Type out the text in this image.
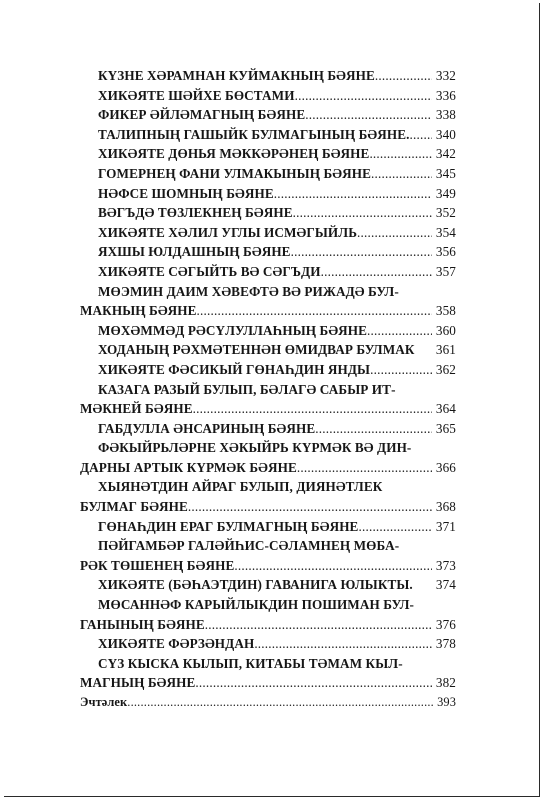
КҮЗНЕ ХӘРАМНАН КУЙМАКНЫҢ БӘЯНЕ .....	332
ХИКӘЯТЕ ШӘЙХЕ БӨСТАМИ .....	336
ФИКЕР ӘЙЛӘМАГНЫҢ БӘЯНЕ .....	338
ТАЛИПНЫҢ ГАШЫЙК БУЛМАГЫНЫҢ БӘЯНЕ. .....	340
ХИКӘЯТЕ ДӨНЬЯ МӘККӘРӘНЕҢ БӘЯНЕ .....	342
ГОМЕРНЕҢ ФАНИ УЛМАКЫНЫҢ БӘЯНЕ .....	345
НӘФСЕ ШОМНЫҢ БӘЯНЕ .....	349
ВӘГЪДӘ ТӨЗЛЕКНЕҢ БӘЯНЕ .....	352
ХИКӘЯТЕ ХӘЛИЛ УГЛЫ ИСМӘГЫЙЛЬ .....	354
ЯХШЫ ЮЛДАШНЫҢ БӘЯНЕ .....	356
ХИКӘЯТЕ СӘГЫЙТЬ ВӘ СӘГЪДИ .....	357
МӨЭМИН ДАИМ ХӘВЕФТӘ ВӘ РИЖАДӘ БУЛ-
МАКНЫҢ БӘЯНЕ .....	358
МӨХӘММӘД РӘСҮЛУЛЛАҺНЫҢ БӘЯНЕ .....	360
ХОДАНЫҢ РӘХМӘТЕННӘН ӨМИДВАР БУЛМАК	361
ХИКӘЯТЕ ФӘСИКЫЙ ГӨНАҺДИН ЯНДЫ .....	362
КАЗАГА РАЗЫЙ БУЛЫП, БӘЛАГӘ САБЫР ИТ-
МӘКНЕЙ БӘЯНЕ .....	364
ГАБДУЛЛА ӘНСАРИНЫҢ БӘЯНЕ .....	365
ФӘКЫЙРЬЛӘРНЕ ХӘКЫЙРЬ КҮРМӘК ВӘ ДИН-
ДАРНЫ АРТЫК КҮРМӘК БӘЯНЕ .....	366
ХЫЯНӘТДИН АЙРАГ БУЛЫП, ДИЯНӘТЛЕК
БУЛМАГ БӘЯНЕ .....	368
ГӨНАҺДИН ЕРАГ БУЛМАГНЫҢ БӘЯНЕ .....	371
ПӘЙГАМБӘР ГАЛӘЙҺИС-СӘЛАМНЕҢ МӨБА-
РӘК ТӨШЕНЕҢ БӘЯНЕ .....	373
ХИКӘЯТЕ (БӘҺАЭТДИН) ГАВАНИГА ЮЛЫКТЫ.	374
МӨСАННӘФ КАРЫЙЛЫКДИН ПОШИМАН БУЛ-
ГАНЫНЫҢ БӘЯНЕ .....	376
ХИКӘЯТЕ ФӘРЗӘНДАН .....	378
СҮЗ КЫСКА КЫЛЫП, КИТАБЫ ТӘМАМ КЫЛ-
МАГНЫҢ БӘЯНЕ .....	382
Эчтәлек .....	393
